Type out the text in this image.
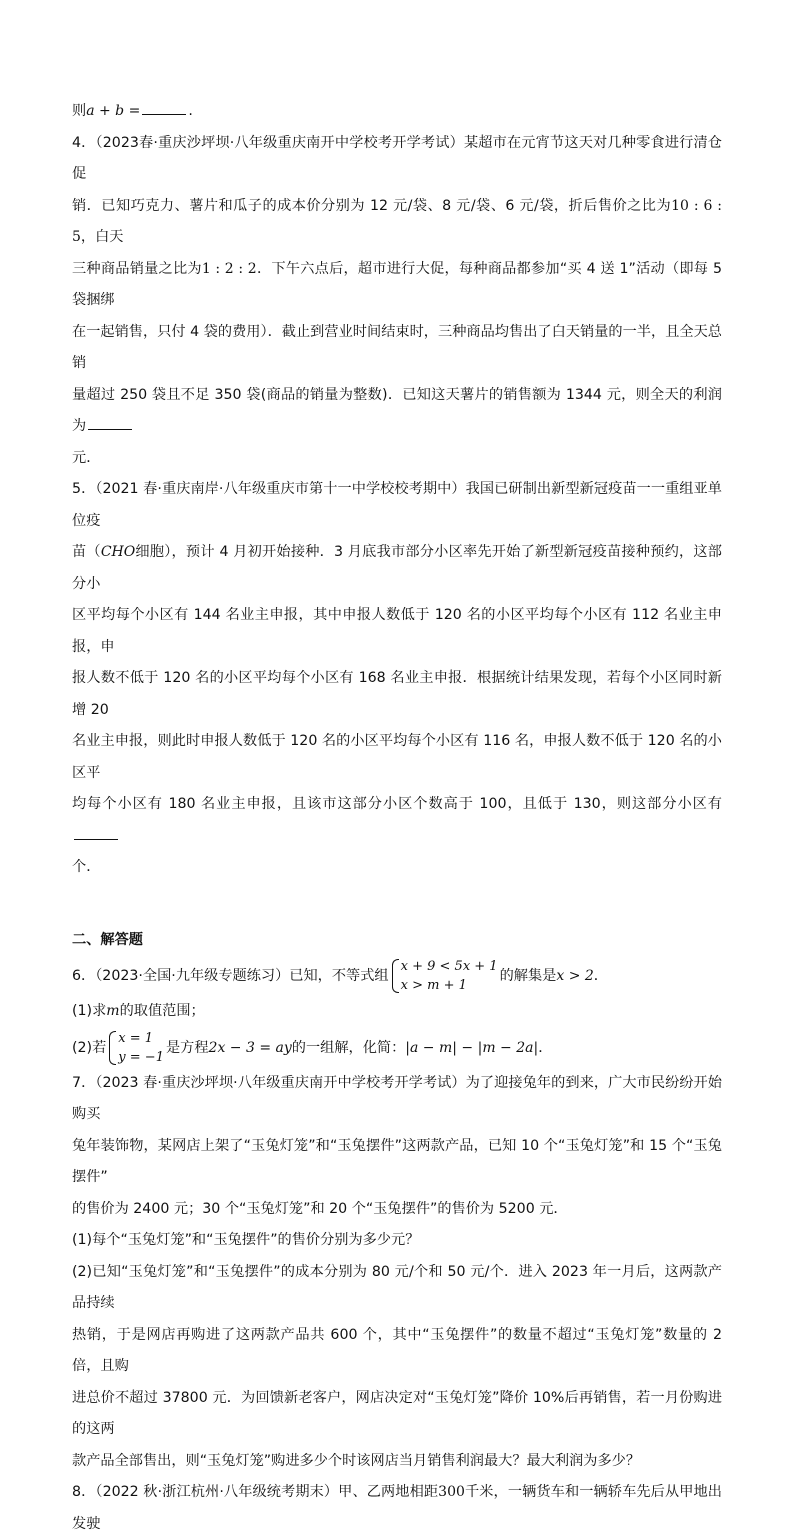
则a + b =	.

4．（2023春·重庆沙坪坝·八年级重庆南开中学校考开学考试）某超市在元宵节这天对几种零食进行清仓促

销．已知巧克力、薯片和瓜子的成本价分别为 12 元/袋、8 元/袋、6 元/袋，折后售价之比为10 : 6 : 5，白天

三种商品销量之比为1 : 2 : 2．下午六点后，超市进行大促，每种商品都参加“买 4 送 1”活动（即每 5 袋捆绑

在一起销售，只付 4 袋的费用）．截止到营业时间结束时，三种商品均售出了白天销量的一半，且全天总销

量超过 250 袋且不足 350 袋(商品的销量为整数)．已知这天薯片的销售额为 1344 元，则全天的利润为

元．

5．（2021 春·重庆南岸·八年级重庆市第十一中学校校考期中）我国已研制出新型新冠疫苗一一重组亚单位疫

苗（CHO细胞），预计 4 月初开始接种．3 月底我市部分小区率先开始了新型新冠疫苗接种预约，这部分小

区平均每个小区有 144 名业主申报，其中申报人数低于 120 名的小区平均每个小区有 112 名业主申报，申

报人数不低于 120 名的小区平均每个小区有 168 名业主申报．根据统计结果发现，若每个小区同时新增 20

名业主申报，则此时申报人数低于 120 名的小区平均每个小区有 116 名，申报人数不低于 120 名的小区平

均每个小区有 180 名业主申报，且该市这部分小区个数高于 100，且低于 130，则这部分小区有

个．

二、解答题

6．（2023·全国·九年级专题练习）已知，不等式组
x + 9 < 5x + 1
x > m + 1
的解集是x > 2．

(1)求m的取值范围；

(2)若
x = 1
y = −1
是方程2x − 3 = ay的一组解，化简：|a − m| − |m − 2a|．

7．（2023 春·重庆沙坪坝·八年级重庆南开中学校考开学考试）为了迎接兔年的到来，广大市民纷纷开始购买

兔年装饰物，某网店上架了“玉兔灯笼”和“玉兔摆件”这两款产品，已知 10 个“玉兔灯笼”和 15 个“玉兔摆件”

的售价为 2400 元；30 个“玉兔灯笼”和 20 个“玉兔摆件”的售价为 5200 元．

(1)每个“玉兔灯笼”和“玉兔摆件”的售价分别为多少元？

(2)已知“玉兔灯笼”和“玉兔摆件”的成本分别为 80 元/个和 50 元/个．进入 2023 年一月后，这两款产品持续

热销，于是网店再购进了这两款产品共 600 个，其中“玉兔摆件”的数量不超过“玉兔灯笼”数量的 2 倍，且购

进总价不超过 37800 元．为回馈新老客户，网店决定对“玉兔灯笼”降价 10%后再销售，若一月份购进的这两

款产品全部售出，则“玉兔灯笼”购进多少个时该网店当月销售利润最大？最大利润为多少？

8．（2022 秋·浙江杭州·八年级统考期末）甲、乙两地相距300千米，一辆货车和一辆轿车先后从甲地出发驶
